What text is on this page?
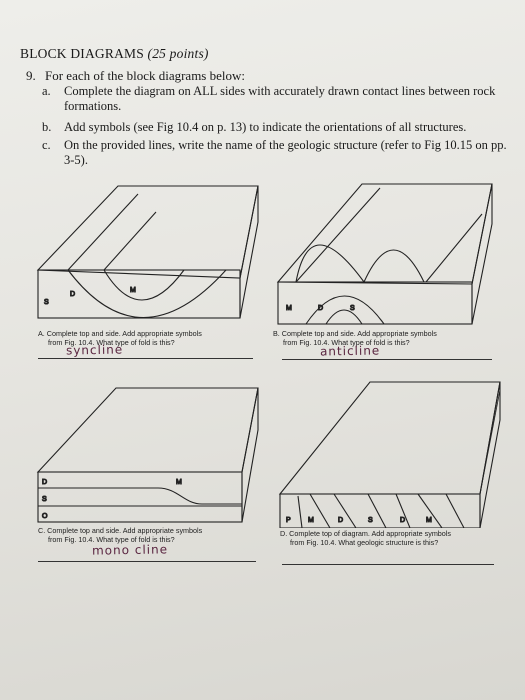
BLOCK DIAGRAMS (25 points)
9. For each of the block diagrams below:
a. Complete the diagram on ALL sides with accurately drawn contact lines between rock
formations.
b. Add symbols (see Fig 10.4 on p. 13) to indicate the orientations of all structures.
c. On the provided lines, write the name of the geologic structure (refer to Fig 10.15 on pp.
3-5).
S
D
M
A. Complete top and side. Add appropriate symbols
from Fig. 10.4. What type of fold is this?
syncline
M	D	S
B. Complete top and side. Add appropriate symbols
from Fig. 10.4. What type of fold is this?
anticline
D
S
O
M
C. Complete top and side. Add appropriate symbols
from Fig. 10.4. What type of fold is this?
mono cline
P M	D	S	D	M
D. Complete top of diagram. Add appropriate symbols
from Fig. 10.4. What geologic structure is this?
